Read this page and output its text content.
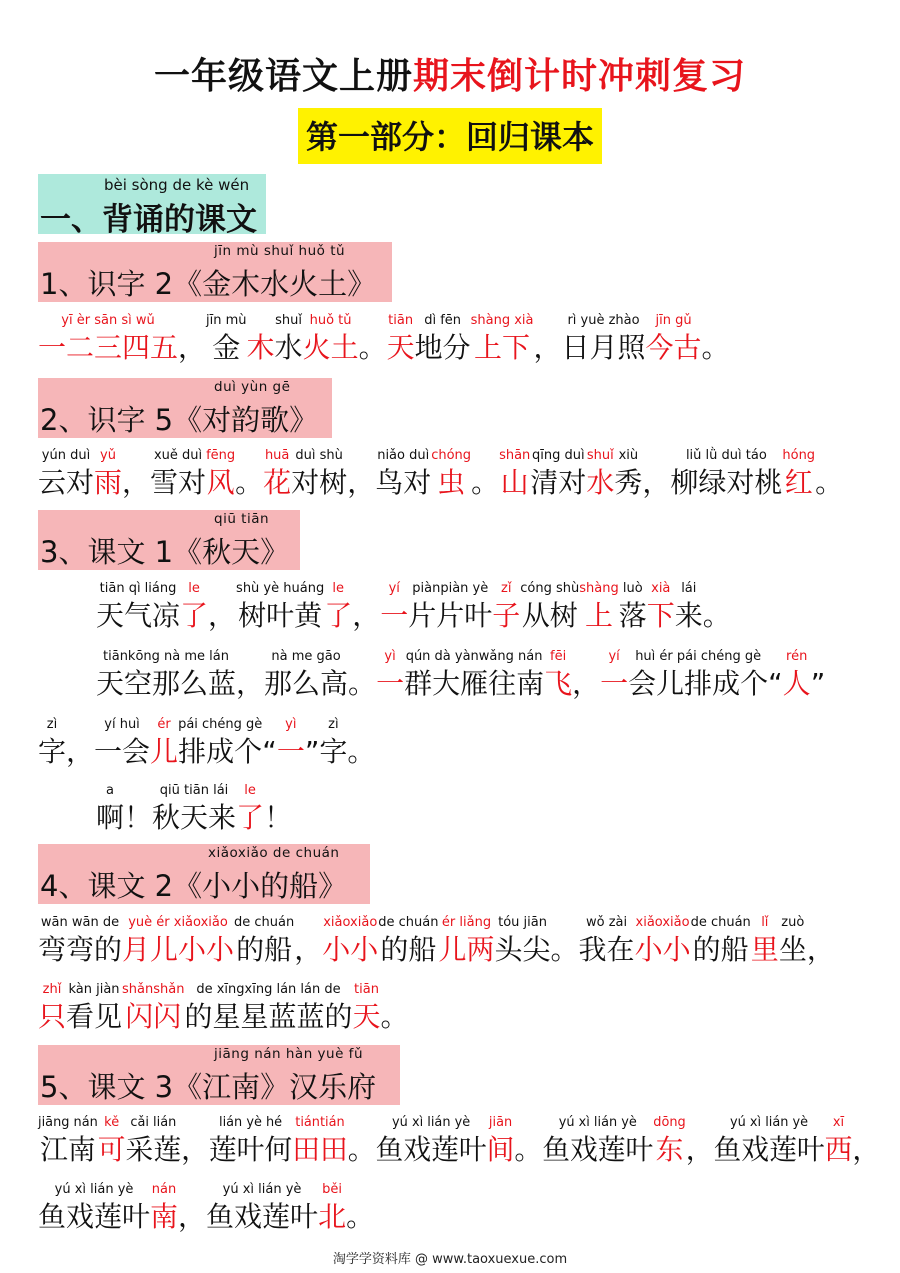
一年级语文上册期末倒计时冲刺复习
第一部分：回归课本
bèi sòng de kè wén
一、背诵的课文
jīn mù shuǐ huǒ tǔ
1、识字 2《金木水火土》
yī èr sān sì wǔ
一二三四五 ，
jīn mù
金 木
shuǐ
水
huǒ tǔ
火土 。
tiān
天
dì fēn
地分
shàng xià
上下 ，
rì yuè zhào
日月照
jīn gǔ
今古 。
duì yùn gē
2、识字 5《对韵歌》
yún duì
云对
yǔ
雨 ，
xuě duì
雪对
fēng
风 。
huā
花
duì shù
对树 ，
niǎo duì
鸟对
chóng
虫 。
shān
山
qīng duì
清对
shuǐ
水
xiù
秀 ，
liǔ lǜ duì táo
柳绿对桃
hóng
红 。
qiū tiān
3、课文 1《秋天》
tiān qì liáng
天气凉
le
了 ，
shù yè huáng
树叶黄
le
了 ，
yí
一
piànpiàn yè
片片叶
zǐ
子
cóng shù
从树
shàng
上
luò
落
xià
下
lái
来 。
tiānkōng nà me lán
天空那么蓝 ，
nà me gāo
那么高 。
yì
一
qún dà yànwǎng nán
群大雁往南
fēi
飞 ，
yí
一
huì ér pái chéng gè
会儿排成个 “
rén
人 ”
zì
字 ，
yí huì
一会
ér
儿
pái chéng gè
排成个 “
yì
一 ”
zì
字 。
a
啊 ！
qiū tiān lái
秋天来
le
了 ！
xiǎoxiǎo de chuán
4、课文 2《小小的船》
wān wān de
弯弯的
yuè ér xiǎoxiǎo
月儿小小
de chuán
的船 ，
xiǎoxiǎo
小小
de chuán
的船
ér liǎng
儿两
tóu jiān
头尖 。
wǒ zài
我在
xiǎoxiǎo
小小
de chuán
的船
lǐ
里
zuò
坐 ，
zhǐ
只
kàn jiàn
看见
shǎnshǎn
闪闪
de xīngxīng lán lán de
的星星蓝蓝的
tiān
天 。
jiāng nán hàn yuè fǔ
5、课文 3《江南》汉乐府
jiāng nán
江南
kě
可
cǎi lián
采莲 ，
lián yè hé
莲叶何
tiántián
田田 。
yú xì lián yè
鱼戏莲叶
jiān
间 。
yú xì lián yè
鱼戏莲叶
dōng
东 ，
yú xì lián yè
鱼戏莲叶
xī
西 ，
yú xì lián yè
鱼戏莲叶
nán
南 ，
yú xì lián yè
鱼戏莲叶
běi
北 。
淘学学资料库 @ www.taoxuexue.com
